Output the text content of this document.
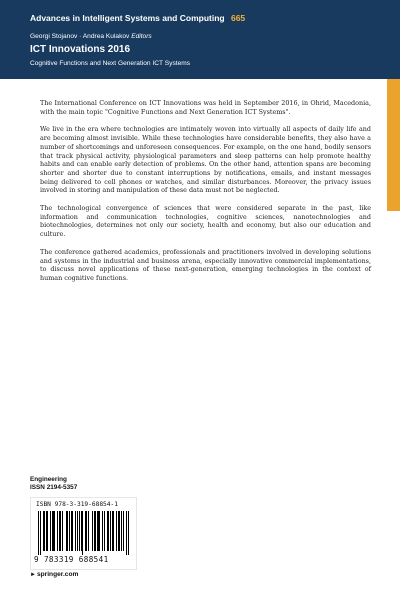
Advances in Intelligent Systems and Computing 665
Georgi Stojanov · Andrea Kulakov Editors
ICT Innovations 2016
Cognitive Functions and Next Generation ICT Systems

The International Conference on ICT Innovations was held in September 2016, in Ohrid, Macedonia, with the main topic "Cognitive Functions and Next Generation ICT Systems".

We live in the era where technologies are intimately woven into virtually all aspects of daily life and are becoming almost invisible. While these technologies have considerable benefits, they also have a number of shortcomings and unforeseen consequences. For example, on the one hand, bodily sensors that track physical activity, physiological parameters and sleep patterns can help promote healthy habits and can enable early detection of problems. On the other hand, attention spans are becoming shorter and shorter due to constant interruptions by notifications, emails, and instant messages being delivered to cell phones or watches, and similar disturbances. Moreover, the privacy issues involved in storing and manipulation of these data must not be neglected.

The technological convergence of sciences that were considered separate in the past, like information and communication technologies, cognitive sciences, nanotechnologies and biotechnologies, determines not only our society, health and economy, but also our education and culture.

The conference gathered academics, professionals and practitioners involved in developing solutions and systems in the industrial and business arena, especially innovative commercial implementations, to discuss novel applications of these next-generation, emerging technologies in the context of human cognitive functions.

Engineering
ISSN 2194-5357
ISBN 978-3-319-68854-1
9 783319 688541
►springer.com
